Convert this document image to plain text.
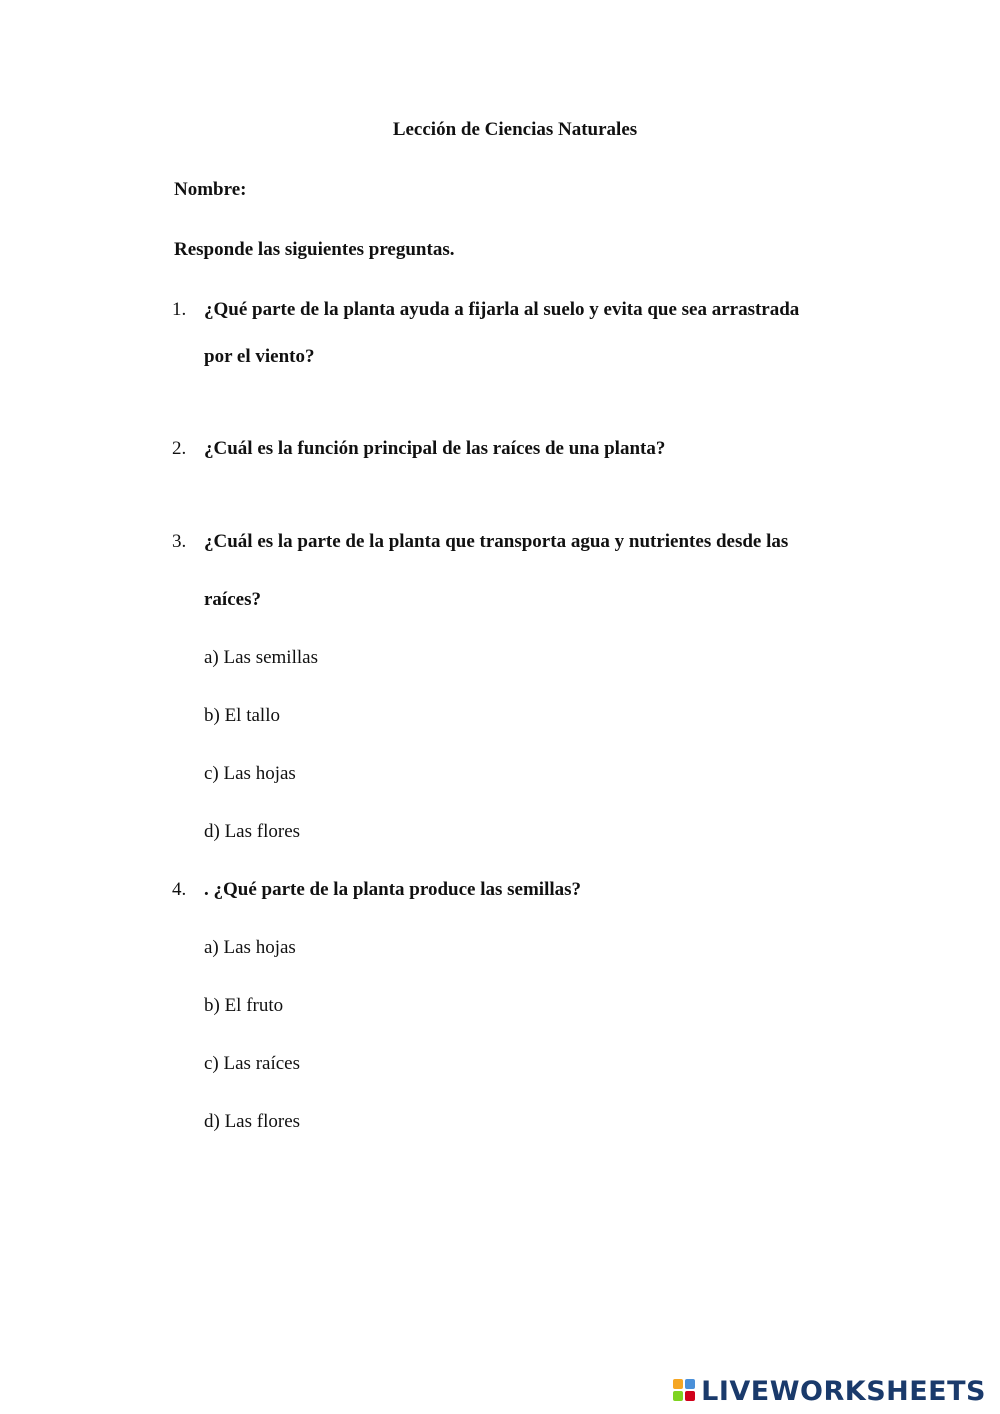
Lección de Ciencias Naturales
Nombre:
Responde las siguientes preguntas.
1. ¿Qué parte de la planta ayuda a fijarla al suelo y evita que sea arrastrada
por el viento?
2. ¿Cuál es la función principal de las raíces de una planta?
3. ¿Cuál es la parte de la planta que transporta agua y nutrientes desde las
raíces?
a) Las semillas
b) El tallo
c) Las hojas
d) Las flores
4. . ¿Qué parte de la planta produce las semillas?
a) Las hojas
b) El fruto
c) Las raíces
d) Las flores
LIVEWORKSHEETS
